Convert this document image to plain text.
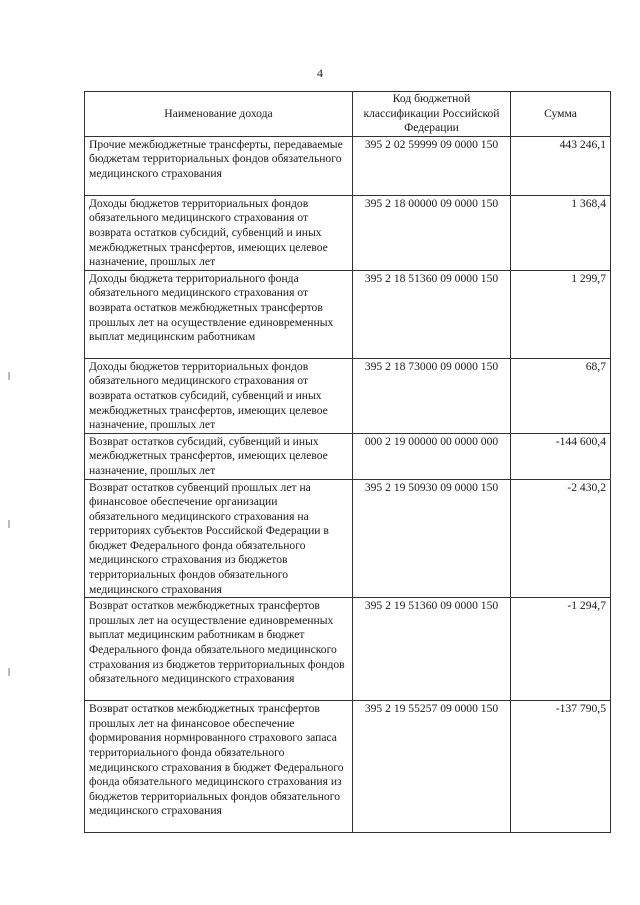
4
Наименование дохода	Код бюджетной классификации Российской Федерации	Сумма
Прочие межбюджетные трансферты, передаваемые бюджетам территориальных фондов обязательного медицинского страхования	395 2 02 59999 09 0000 150	443 246,1
Доходы бюджетов территориальных фондов обязательного медицинского страхования от возврата остатков субсидий, субвенций и иных межбюджетных трансфертов, имеющих целевое назначение, прошлых лет	395 2 18 00000 09 0000 150	1 368,4
Доходы бюджета территориального фонда обязательного медицинского страхования от возврата остатков межбюджетных трансфертов прошлых лет на осуществление единовременных выплат медицинским работникам	395 2 18 51360 09 0000 150	1 299,7
Доходы бюджетов территориальных фондов обязательного медицинского страхования от возврата остатков субсидий, субвенций и иных межбюджетных трансфертов, имеющих целевое назначение, прошлых лет	395 2 18 73000 09 0000 150	68,7
Возврат остатков субсидий, субвенций и иных межбюджетных трансфертов, имеющих целевое назначение, прошлых лет	000 2 19 00000 00 0000 000	-144 600,4
Возврат остатков субвенций прошлых лет на финансовое обеспечение организации обязательного медицинского страхования на территориях субъектов Российской Федерации в бюджет Федерального фонда обязательного медицинского страхования из бюджетов территориальных фондов обязательного медицинского страхования	395 2 19 50930 09 0000 150	-2 430,2
Возврат остатков межбюджетных трансфертов прошлых лет на осуществление единовременных выплат медицинским работникам в бюджет Федерального фонда обязательного медицинского страхования из бюджетов территориальных фондов обязательного медицинского страхования	395 2 19 51360 09 0000 150	-1 294,7
Возврат остатков межбюджетных трансфертов прошлых лет на финансовое обеспечение формирования нормированного страхового запаса территориального фонда обязательного медицинского страхования в бюджет Федерального фонда обязательного медицинского страхования из бюджетов территориальных фондов обязательного медицинского страхования	395 2 19 55257 09 0000 150	-137 790,5
